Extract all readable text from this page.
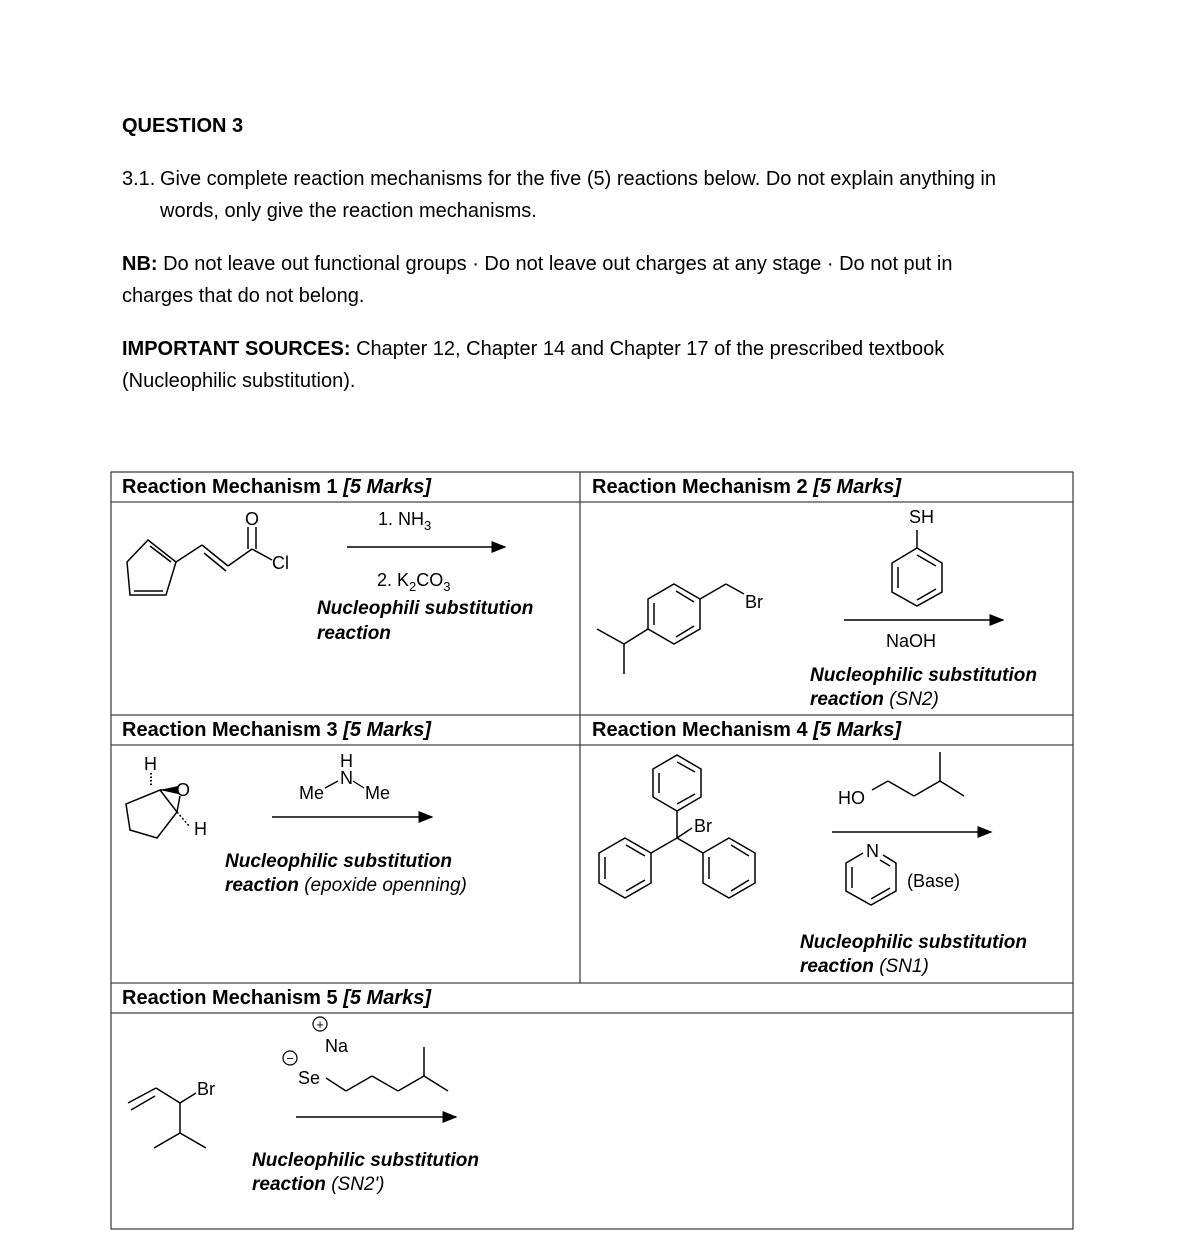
QUESTION 3
3.1. Give complete reaction mechanisms for the five (5) reactions below. Do not explain anything in
words, only give the reaction mechanisms.
NB: Do not leave out functional groups · Do not leave out charges at any stage · Do not put in
charges that do not belong.
IMPORTANT SOURCES: Chapter 12, Chapter 14 and Chapter 17 of the prescribed textbook
(Nucleophilic substitution).
Reaction Mechanism 1 [5 Marks]	Reaction Mechanism 2 [5 Marks]
Reaction Mechanism 3 [5 Marks]	Reaction Mechanism 4 [5 Marks]
Reaction Mechanism 5 [5 Marks]
O
Cl
1. $NH_3$
2. $K_2CO_3$
Nucleophili substitution
reaction
Br
SH
NaOH
Nucleophilic substitution
reaction (SN2)
H
O
H
H
N
Me Me
Nucleophilic substitution
reaction (epoxide openning)
Br
HO
N
(Base)
Nucleophilic substitution
reaction (SN1)
Br
+
−
Na
Se
Nucleophilic substitution
reaction (SN2')
